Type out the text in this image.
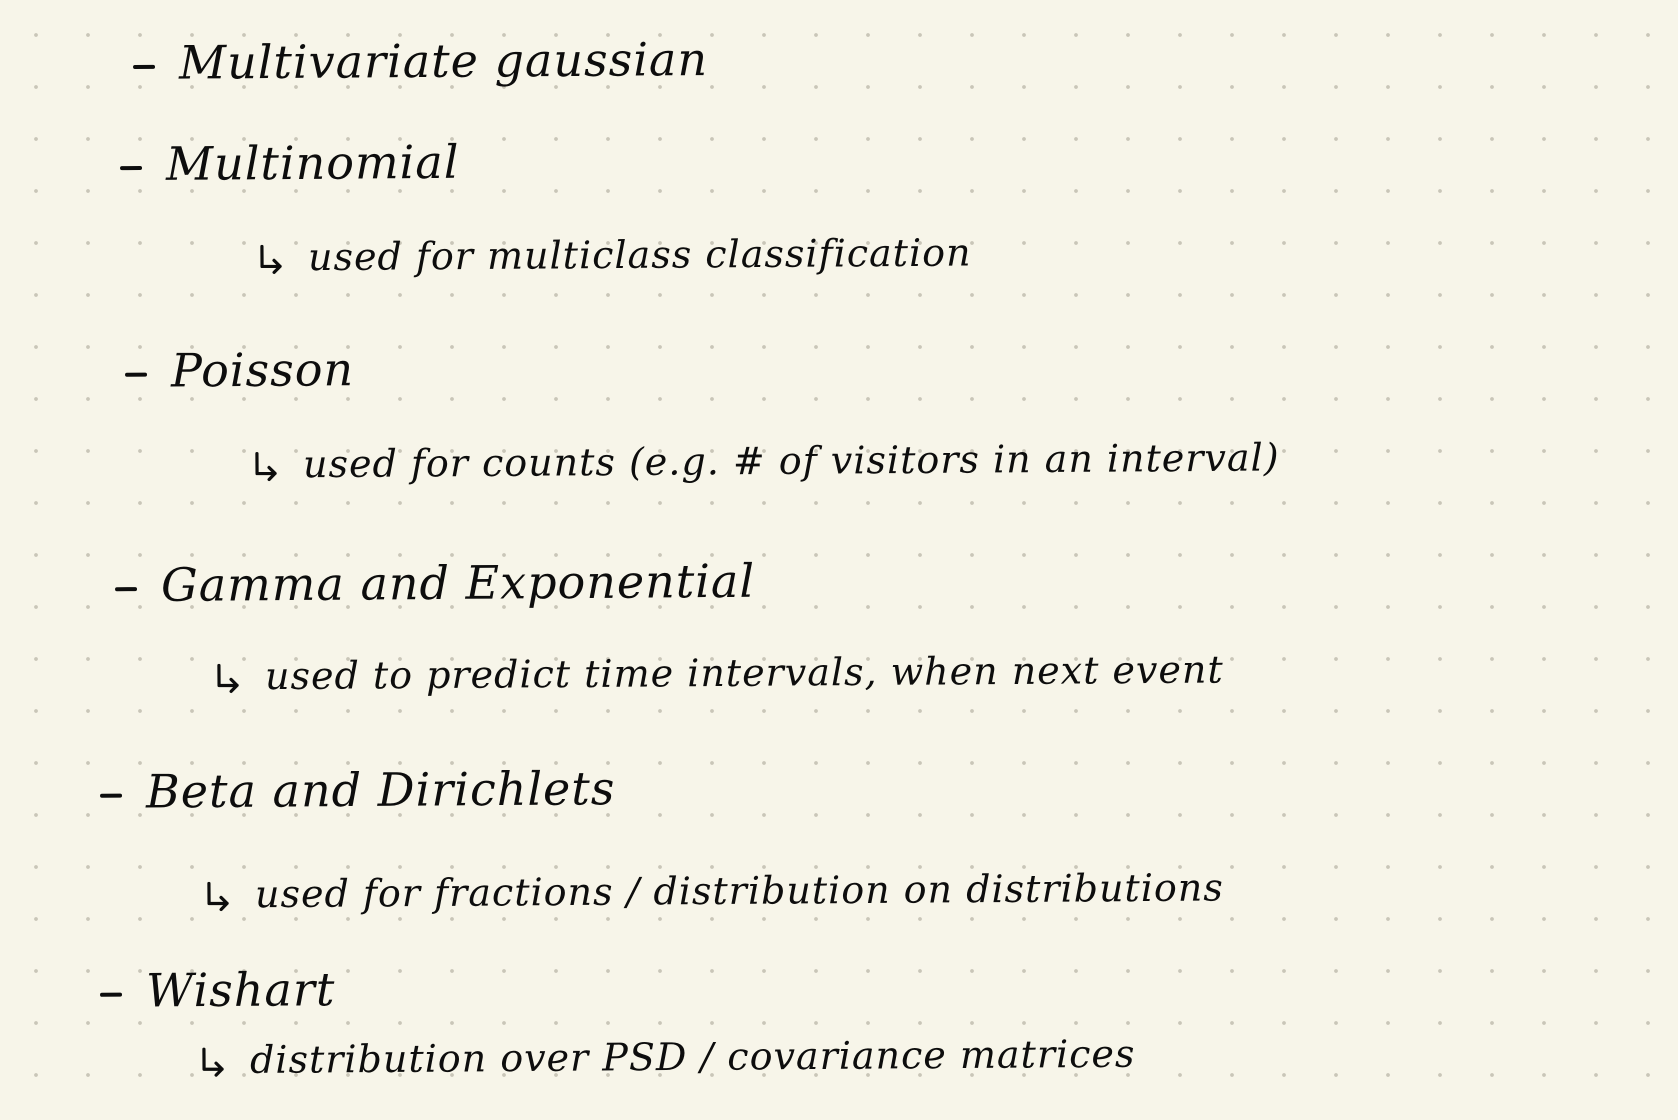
Multivariate gaussian
Multinomial
used for multiclass classification
Poisson
used for counts (e.g. # of visitors in an interval)
Gamma and Exponential
used to predict time intervals, when next event
Beta and Dirichlets
used for fractions / distribution on distributions
Wishart
distribution over PSD / covariance matrices
